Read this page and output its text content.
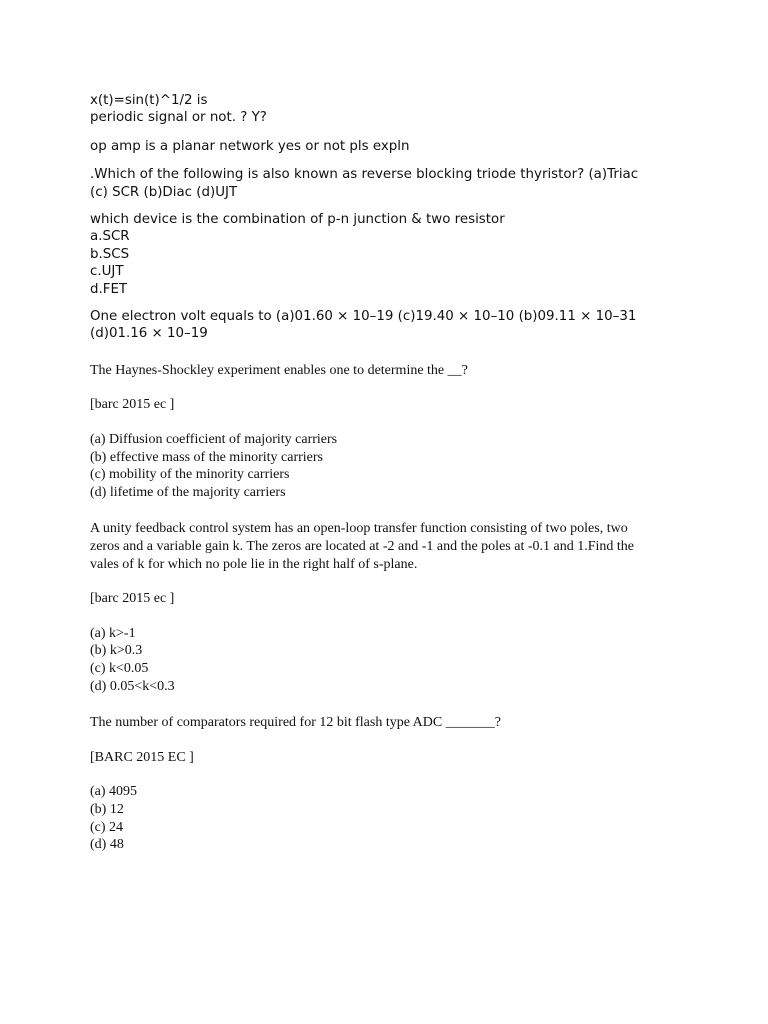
x(t)=sin(t)^1/2 is
periodic signal or not. ? Y?
op amp is a planar network yes or not pls expln
.Which of the following is also known as reverse blocking triode thyristor? (a)Triac
(c) SCR (b)Diac (d)UJT
which device is the combination of p-n junction & two resistor
a.SCR
b.SCS
c.UJT
d.FET
One electron volt equals to (a)01.60 × 10–19 (c)19.40 × 10–10 (b)09.11 × 10–31
(d)01.16 × 10–19
The Haynes-Shockley experiment enables one to determine the __?
[barc 2015 ec ]
(a) Diffusion coefficient of majority carriers
(b) effective mass of the minority carriers
(c) mobility of the minority carriers
(d) lifetime of the majority carriers
A unity feedback control system has an open-loop transfer function consisting of two poles, two
zeros and a variable gain k. The zeros are located at -2 and -1 and the poles at -0.1 and 1.Find the
vales of k for which no pole lie in the right half of s-plane.
[barc 2015 ec ]
(a) k>-1
(b) k>0.3
(c) k<0.05
(d) 0.05<k<0.3
The number of comparators required for 12 bit flash type ADC _______?
[BARC 2015 EC ]
(a) 4095
(b) 12
(c) 24
(d) 48
